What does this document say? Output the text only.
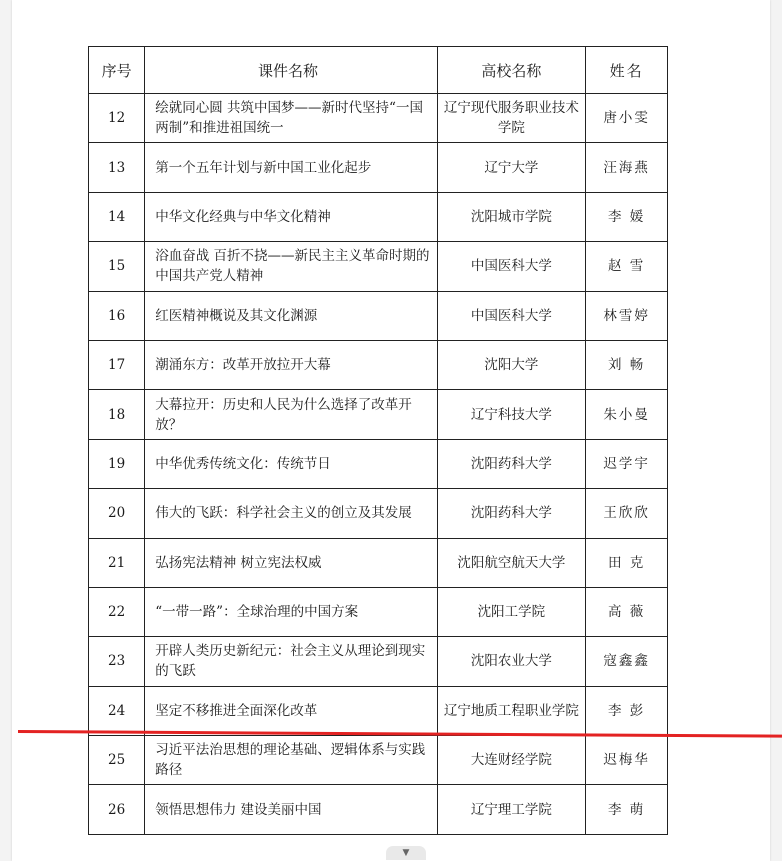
序号	课件名称	高校名称	姓名

12	绘就同心圆 共筑中国梦——新时代坚持“一国两制”和推进祖国统一	辽宁现代服务职业技术学院	唐小雯

13	第一个五年计划与新中国工业化起步	辽宁大学	汪海燕

14	中华文化经典与中华文化精神	沈阳城市学院	李 媛

15	浴血奋战 百折不挠——新民主主义革命时期的中国共产党人精神	中国医科大学	赵 雪

16	红医精神概说及其文化渊源	中国医科大学	林雪婷

17	潮涌东方：改革开放拉开大幕	沈阳大学	刘 畅

18	大幕拉开：历史和人民为什么选择了改革开放？	辽宁科技大学	朱小曼

19	中华优秀传统文化：传统节日	沈阳药科大学	迟学宇

20	伟大的飞跃：科学社会主义的创立及其发展	沈阳药科大学	王欣欣

21	弘扬宪法精神 树立宪法权威	沈阳航空航天大学	田 克

22	“一带一路”：全球治理的中国方案	沈阳工学院	高 薇

23	开辟人类历史新纪元：社会主义从理论到现实的飞跃	沈阳农业大学	寇鑫鑫

24	坚定不移推进全面深化改革	辽宁地质工程职业学院	李 彭

25	习近平法治思想的理论基础、逻辑体系与实践路径	大连财经学院	迟梅华

26	领悟思想伟力 建设美丽中国	辽宁理工学院	李 萌
▼
